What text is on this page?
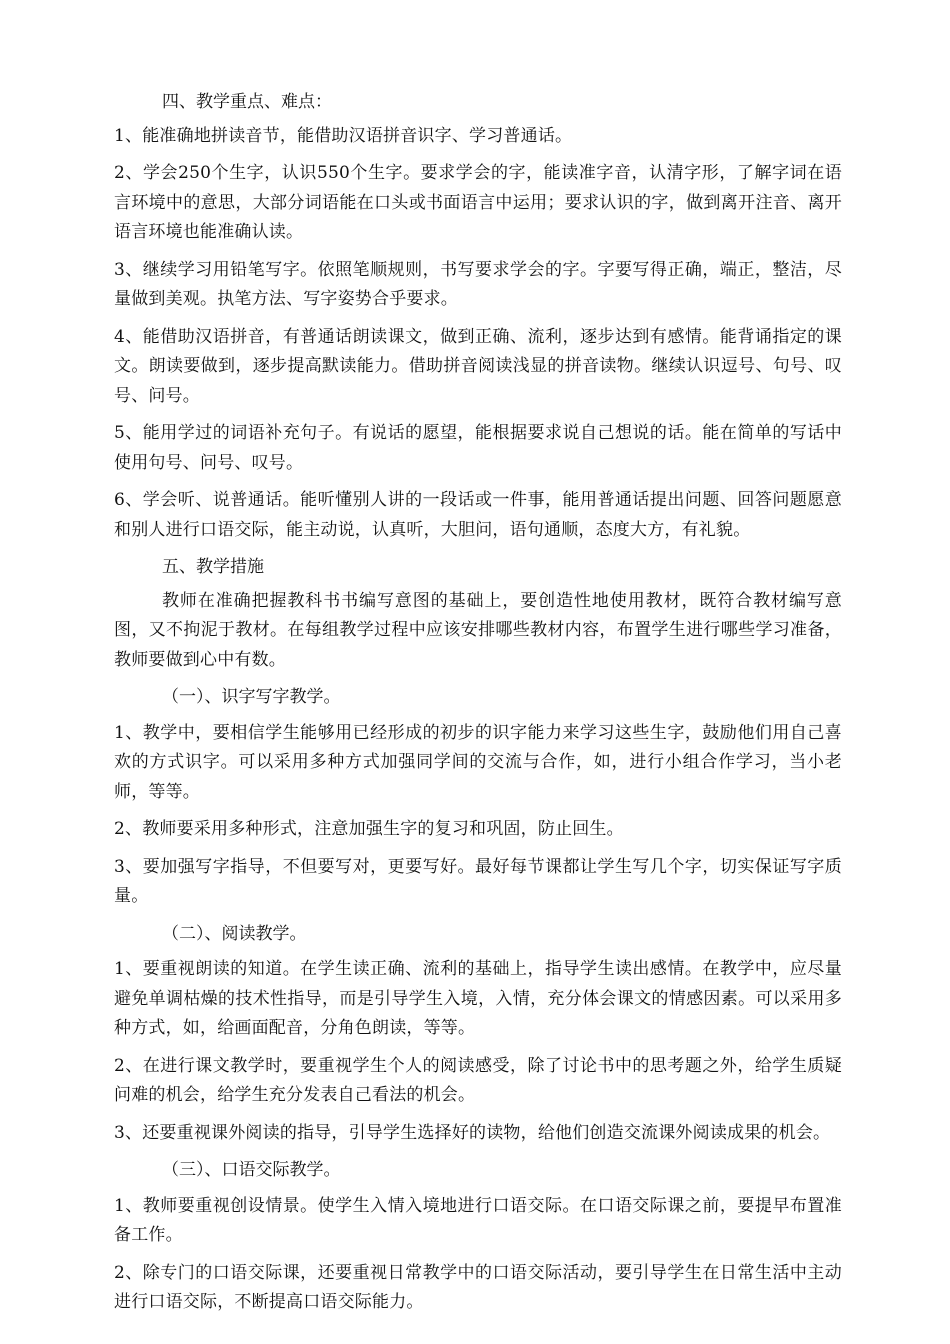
四、教学重点、难点：

1、能准确地拼读音节，能借助汉语拼音识字、学习普通话。

2、学会250个生字，认识550个生字。要求学会的字，能读准字音，认清字形，了解字词在语言环境中的意思，大部分词语能在口头或书面语言中运用；要求认识的字，做到离开注音、离开语言环境也能准确认读。

3、继续学习用铅笔写字。依照笔顺规则，书写要求学会的字。字要写得正确，端正，整洁，尽量做到美观。执笔方法、写字姿势合乎要求。

4、能借助汉语拼音，有普通话朗读课文，做到正确、流利，逐步达到有感情。能背诵指定的课文。朗读要做到，逐步提高默读能力。借助拼音阅读浅显的拼音读物。继续认识逗号、句号、叹号、问号。

5、能用学过的词语补充句子。有说话的愿望，能根据要求说自己想说的话。能在简单的写话中使用句号、问号、叹号。

6、学会听、说普通话。能听懂别人讲的一段话或一件事，能用普通话提出问题、回答问题愿意和别人进行口语交际，能主动说，认真听，大胆问，语句通顺，态度大方，有礼貌。

五、教学措施

教师在准确把握教科书书编写意图的基础上，要创造性地使用教材，既符合教材编写意图，又不拘泥于教材。在每组教学过程中应该安排哪些教材内容，布置学生进行哪些学习准备，教师要做到心中有数。

（一）、识字写字教学。

1、教学中，要相信学生能够用已经形成的初步的识字能力来学习这些生字，鼓励他们用自己喜欢的方式识字。可以采用多种方式加强同学间的交流与合作，如，进行小组合作学习，当小老师，等等。

2、教师要采用多种形式，注意加强生字的复习和巩固，防止回生。

3、要加强写字指导，不但要写对，更要写好。最好每节课都让学生写几个字，切实保证写字质量。

（二）、阅读教学。

1、要重视朗读的知道。在学生读正确、流利的基础上，指导学生读出感情。在教学中，应尽量避免单调枯燥的技术性指导，而是引导学生入境，入情，充分体会课文的情感因素。可以采用多种方式，如，给画面配音，分角色朗读，等等。

2、在进行课文教学时，要重视学生个人的阅读感受，除了讨论书中的思考题之外，给学生质疑问难的机会，给学生充分发表自己看法的机会。

3、还要重视课外阅读的指导，引导学生选择好的读物，给他们创造交流课外阅读成果的机会。

（三）、口语交际教学。

1、教师要重视创设情景。使学生入情入境地进行口语交际。在口语交际课之前，要提早布置准备工作。

2、除专门的口语交际课，还要重视日常教学中的口语交际活动，要引导学生在日常生活中主动进行口语交际，不断提高口语交际能力。
